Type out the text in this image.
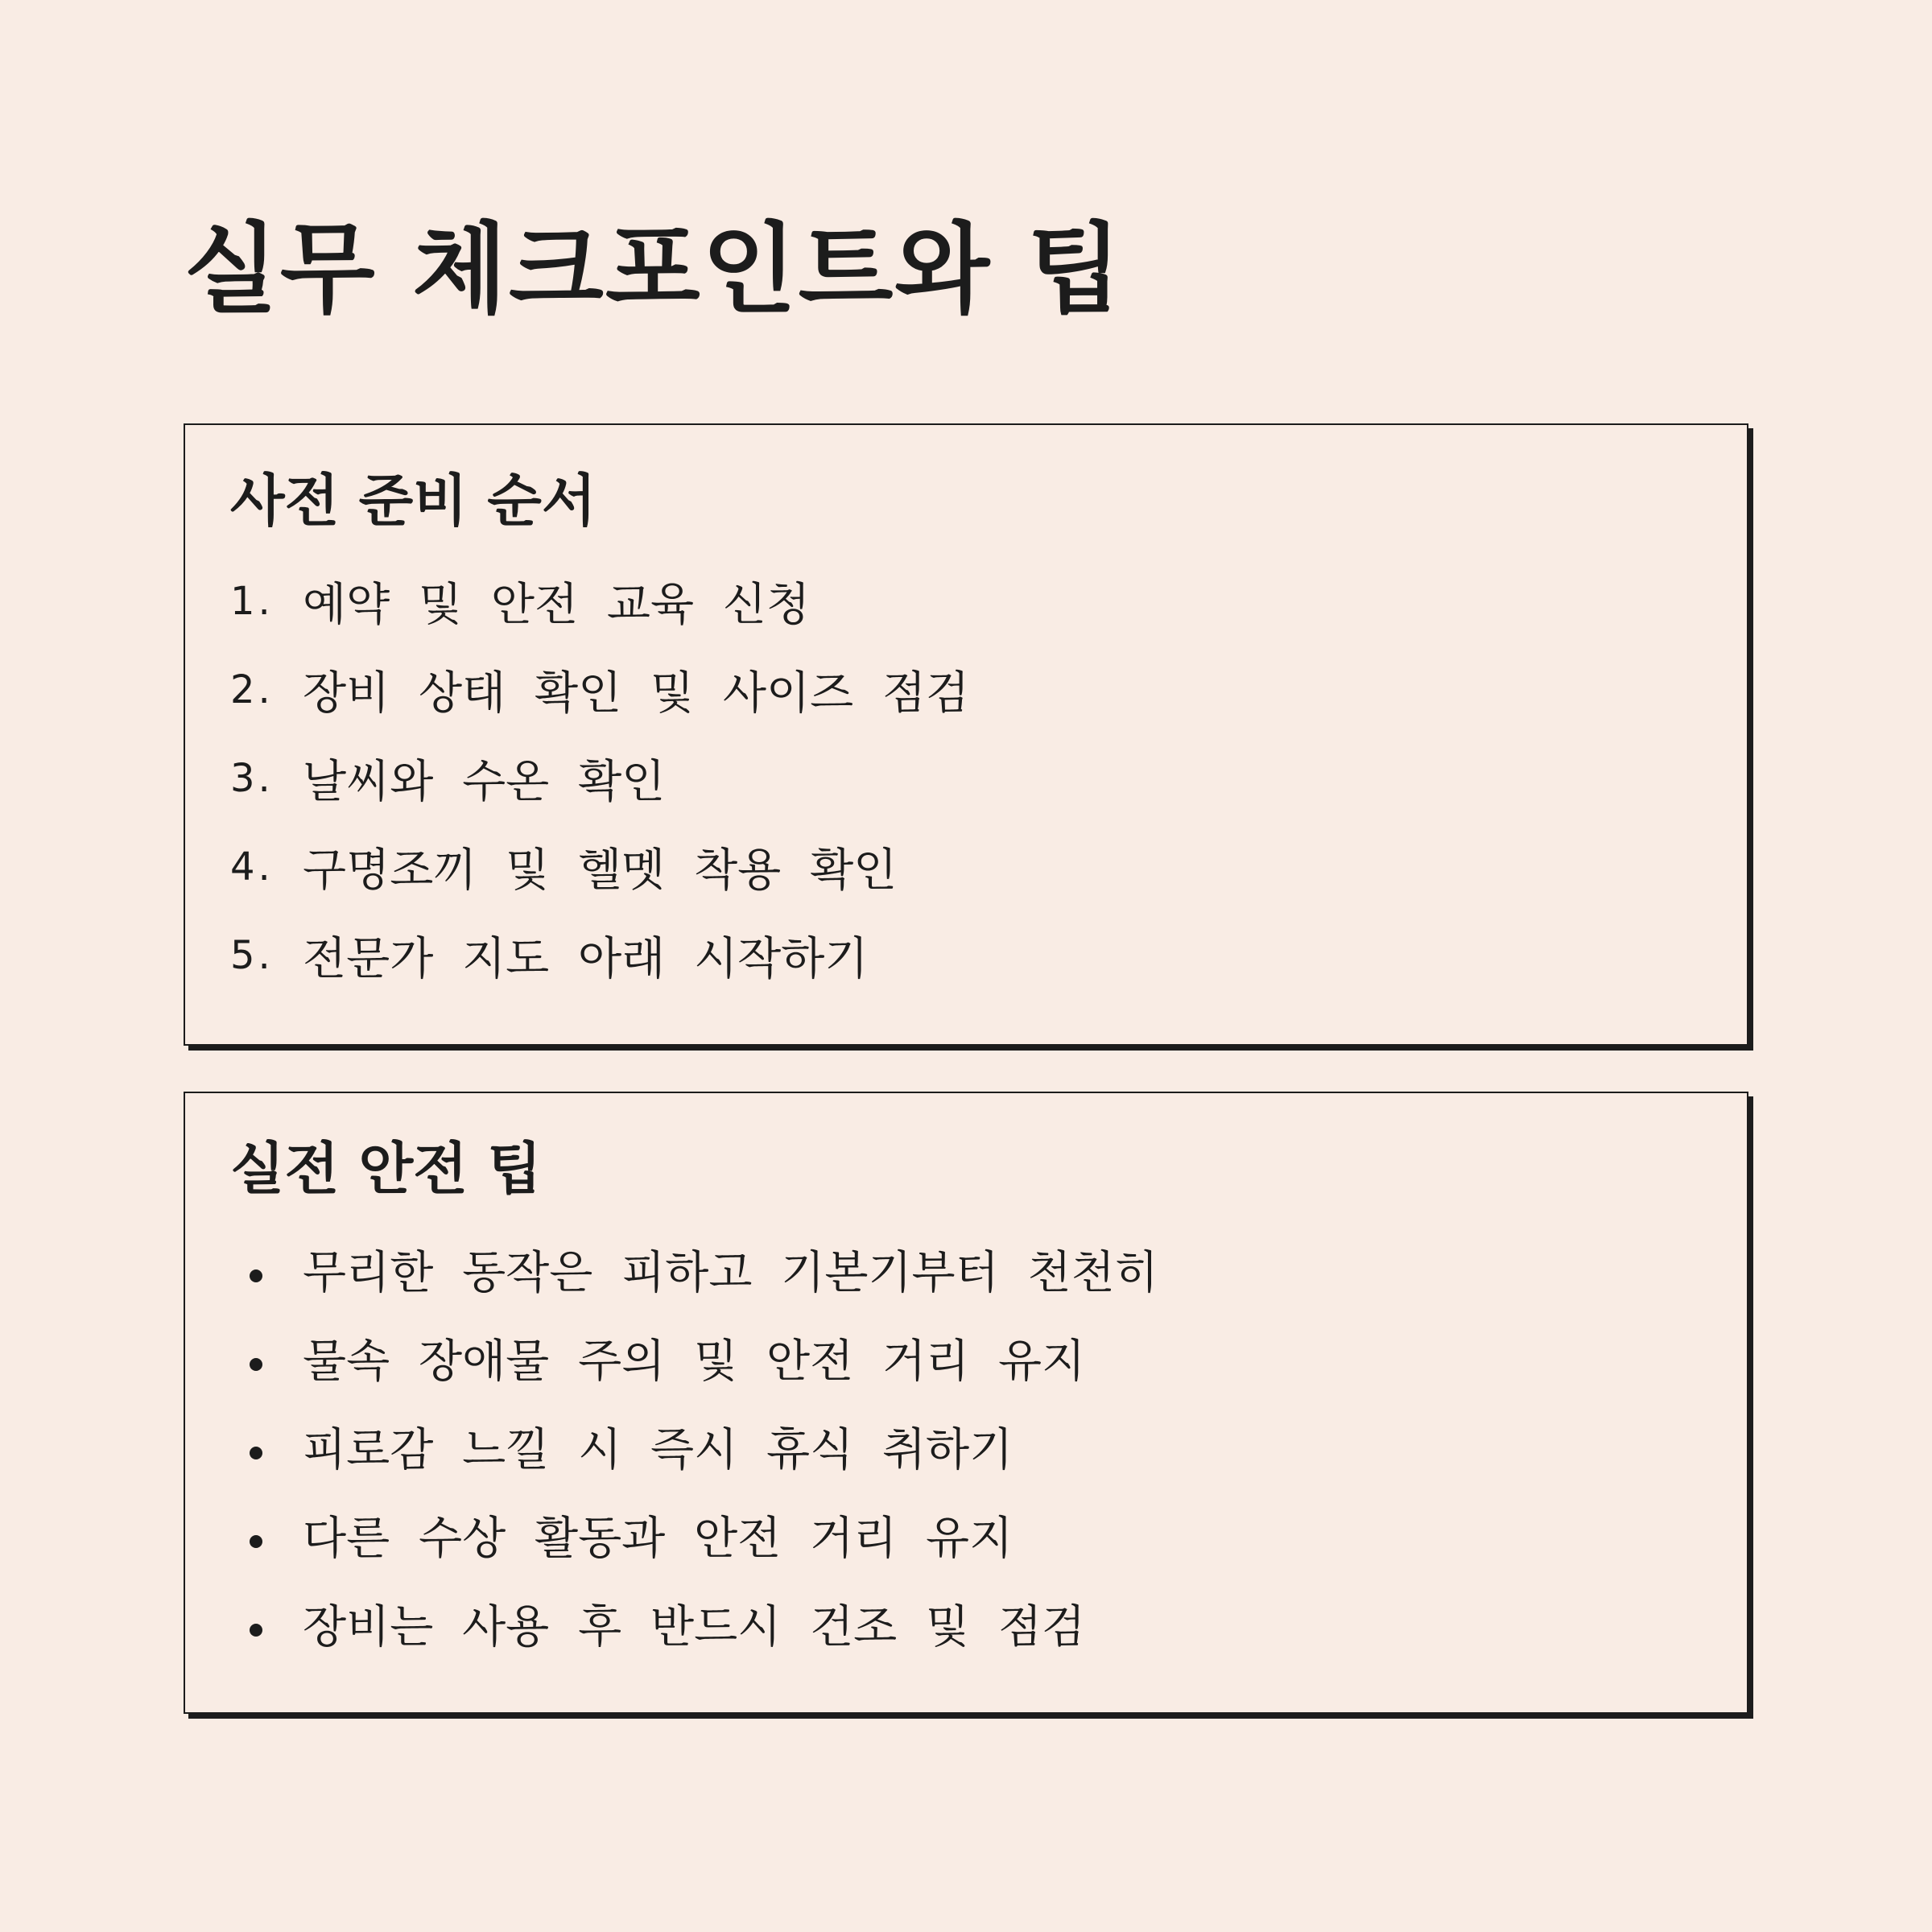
실무 체크포인트와 팁
사전 준비 순서
1. 예약 및 안전 교육 신청
2. 장비 상태 확인 및 사이즈 점검
3. 날씨와 수온 확인
4. 구명조끼 및 헬멧 착용 확인
5. 전문가 지도 아래 시작하기
실전 안전 팁
무리한 동작은 피하고 기본기부터 천천히
물속 장애물 주의 및 안전 거리 유지
피로감 느낄 시 즉시 휴식 취하기
다른 수상 활동과 안전 거리 유지
장비는 사용 후 반드시 건조 및 점검
